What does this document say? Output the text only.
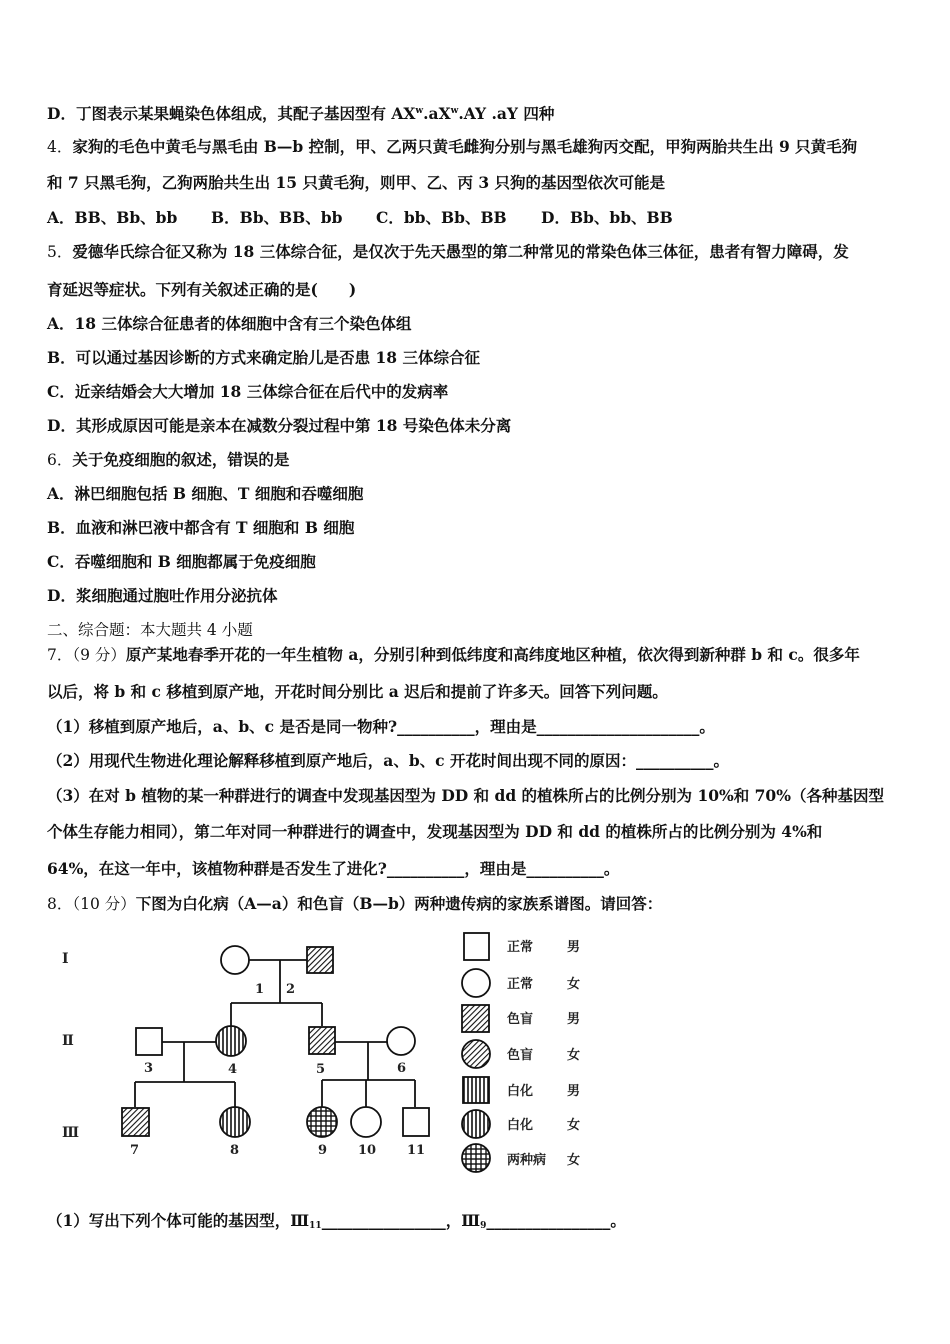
D．丁图表示某果蝇染色体组成，其配子基因型有 $AX^w.aX^w.AY$ .aY 四种
4．家狗的毛色中黄毛与黑毛由 B—b 控制，甲、乙两只黄毛雌狗分别与黑毛雄狗丙交配，甲狗两胎共生出 9 只黄毛狗
和 7 只黑毛狗，乙狗两胎共生出 15 只黄毛狗，则甲、乙、丙 3 只狗的基因型依次可能是
A．BB、Bb、bb B．Bb、BB、bb C．bb、Bb、BB D．Bb、bb、BB
5．爱德华氏综合征又称为 18 三体综合征，是仅次于先天愚型的第二种常见的常染色体三体征，患者有智力障碍，发
育延迟等症状。下列有关叙述正确的是(　　)
A．18 三体综合征患者的体细胞中含有三个染色体组
B．可以通过基因诊断的方式来确定胎儿是否患 18 三体综合征
C．近亲结婚会大大增加 18 三体综合征在后代中的发病率
D．其形成原因可能是亲本在减数分裂过程中第 18 号染色体未分离
6．关于免疫细胞的叙述，错误的是
A．淋巴细胞包括 B 细胞、T 细胞和吞噬细胞
B．血液和淋巴液中都含有 T 细胞和 B 细胞
C．吞噬细胞和 B 细胞都属于免疫细胞
D．浆细胞通过胞吐作用分泌抗体
二、综合题：本大题共 4 小题
7．（9 分）原产某地春季开花的一年生植物 a，分别引种到低纬度和高纬度地区种植，依次得到新种群 b 和 c。很多年
以后，将 b 和 c 移植到原产地，开花时间分别比 a 迟后和提前了许多天。回答下列问题。
（1）移植到原产地后，a、b、c 是否是同一物种?__________，理由是_____________________。
（2）用现代生物进化理论解释移植到原产地后，a、b、c 开花时间出现不同的原因：__________。
（3）在对 b 植物的某一种群进行的调查中发现基因型为 DD 和 dd 的植株所占的比例分别为 10%和 70%（各种基因型
个体生存能力相同），第二年对同一种群进行的调查中，发现基因型为 DD 和 dd 的植株所占的比例分别为 4%和
64%，在这一年中，该植物种群是否发生了进化?__________，理由是__________。
8．（10 分）下图为白化病（A—a）和色盲（B—b）两种遗传病的家族系谱图。请回答：
Ⅰ
Ⅱ
Ⅲ
1 2
3	4	5	6
7	8	9 10 11
正常	男
正常	女
色盲	男
色盲	女
白化	男
白化	女
两种病 女
（1）写出下列个体可能的基因型，$Ⅲ_{11}\_\_\_\_\_\_\_\_\_\_\_\_\_\_\_\_$，$Ⅲ_9\_\_\_\_\_\_\_\_\_\_\_\_\_\_\_\_$。
